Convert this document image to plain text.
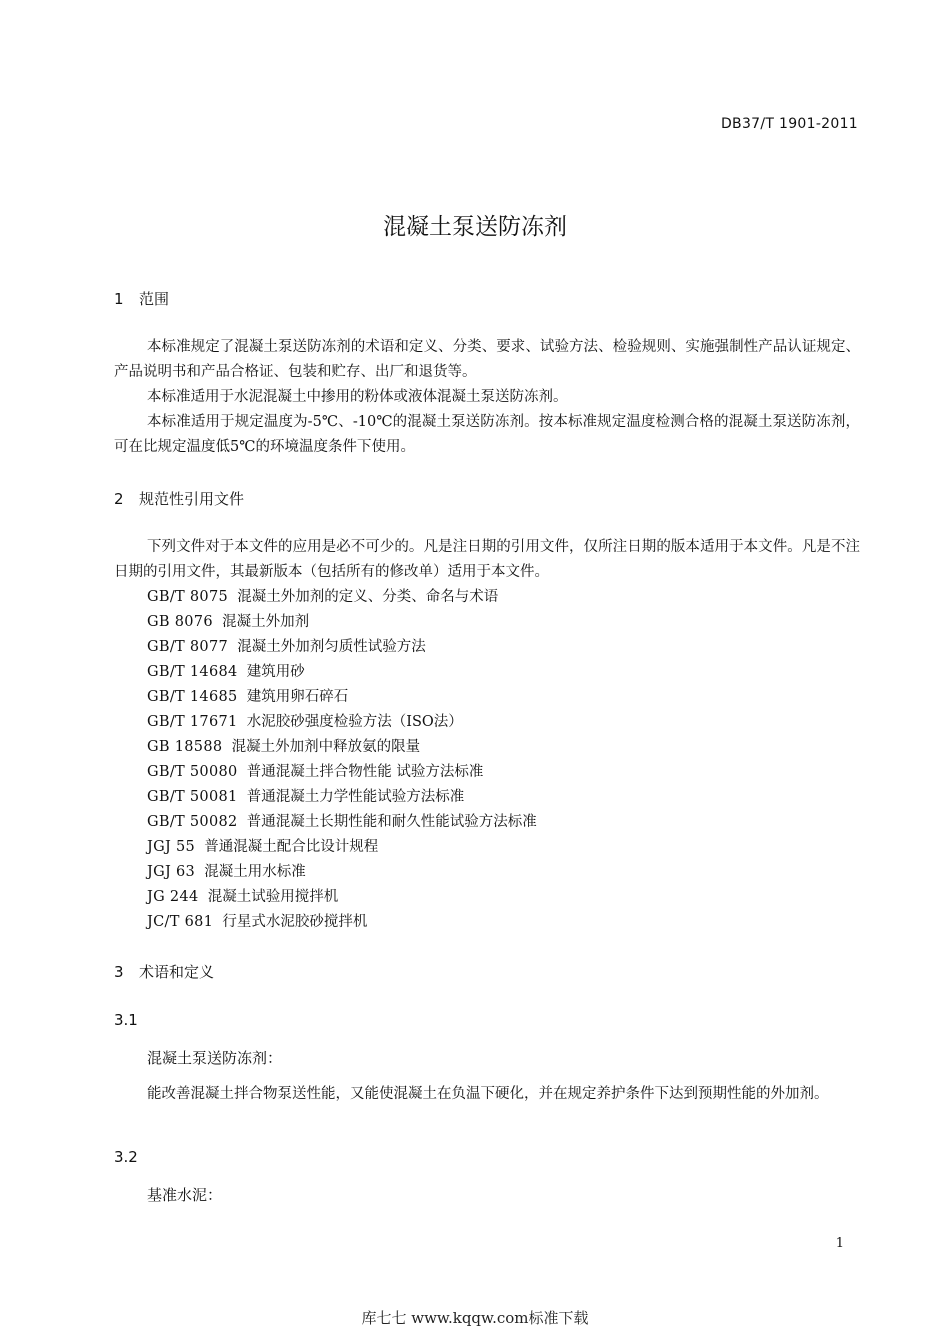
DB37/T 1901-2011
混凝土泵送防冻剂
1 范围
本标准规定了混凝土泵送防冻剂的术语和定义、分类、要求、试验方法、检验规则、实施强制性产品认证规定、产品说明书和产品合格证、包装和贮存、出厂和退货等。
本标准适用于水泥混凝土中掺用的粉体或液体混凝土泵送防冻剂。
本标准适用于规定温度为-5℃、-10℃的混凝土泵送防冻剂。按本标准规定温度检测合格的混凝土泵送防冻剂，可在比规定温度低5℃的环境温度条件下使用。
2 规范性引用文件
下列文件对于本文件的应用是必不可少的。凡是注日期的引用文件，仅所注日期的版本适用于本文件。凡是不注日期的引用文件，其最新版本（包括所有的修改单）适用于本文件。
GB/T 8075 混凝土外加剂的定义、分类、命名与术语
GB 8076 混凝土外加剂
GB/T 8077 混凝土外加剂匀质性试验方法
GB/T 14684 建筑用砂
GB/T 14685 建筑用卵石碎石
GB/T 17671 水泥胶砂强度检验方法（ISO法）
GB 18588 混凝土外加剂中释放氨的限量
GB/T 50080 普通混凝土拌合物性能 试验方法标准
GB/T 50081 普通混凝土力学性能试验方法标准
GB/T 50082 普通混凝土长期性能和耐久性能试验方法标准
JGJ 55 普通混凝土配合比设计规程
JGJ 63 混凝土用水标准
JG 244 混凝土试验用搅拌机
JC/T 681 行星式水泥胶砂搅拌机
3 术语和定义
3.1
混凝土泵送防冻剂：
能改善混凝土拌合物泵送性能，又能使混凝土在负温下硬化，并在规定养护条件下达到预期性能的外加剂。
3.2
基准水泥：
1
库七七 www.kqqw.com标准下载
